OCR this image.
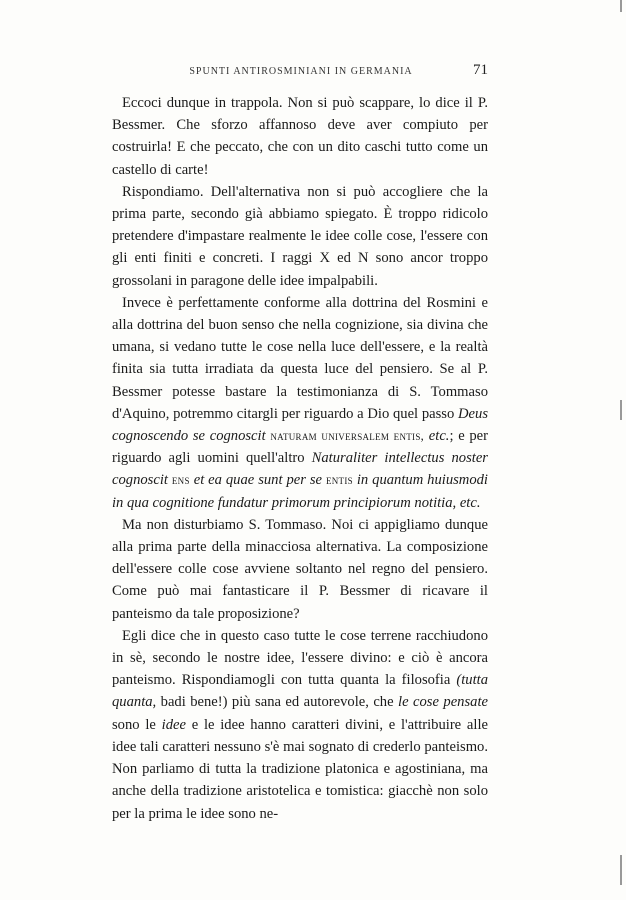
SPUNTI ANTIROSMINIANI IN GERMANIA	71

Eccoci dunque in trappola. Non si può scappare, lo dice il P. Bessmer. Che sforzo affannoso deve aver compiuto per costruirla! E che peccato, che con un dito caschi tutto come un castello di carte!

Rispondiamo. Dell'alternativa non si può accogliere che la prima parte, secondo già abbiamo spiegato. È troppo ridicolo pretendere d'impastare realmente le idee colle cose, l'essere con gli enti finiti e concreti. I raggi X ed N sono ancor troppo grossolani in paragone delle idee impalpabili.

Invece è perfettamente conforme alla dottrina del Rosmini e alla dottrina del buon senso che nella cognizione, sia divina che umana, si vedano tutte le cose nella luce dell'essere, e la realtà finita sia tutta irradiata da questa luce del pensiero. Se al P. Bessmer potesse bastare la testimonianza di S. Tommaso d'Aquino, potremmo citargli per riguardo a Dio quel passo Deus cognoscendo se cognoscit naturam universalem entis, etc.; e per riguardo agli uomini quell'altro Naturaliter intellectus noster cognoscit ens et ea quae sunt per se entis in quantum huiusmodi in qua cognitione fundatur primorum principiorum notitia, etc.

Ma non disturbiamo S. Tommaso. Noi ci appigliamo dunque alla prima parte della minacciosa alternativa. La composizione dell'essere colle cose avviene soltanto nel regno del pensiero. Come può mai fantasticare il P. Bessmer di ricavare il panteismo da tale proposizione?

Egli dice che in questo caso tutte le cose terrene racchiudono in sè, secondo le nostre idee, l'essere divino: e ciò è ancora panteismo. Rispondiamogli con tutta quanta la filosofia (tutta quanta, badi bene!) più sana ed autorevole, che le cose pensate sono le idee e le idee hanno caratteri divini, e l'attribuire alle idee tali caratteri nessuno s'è mai sognato di crederlo panteismo. Non parliamo di tutta la tradizione platonica e agostiniana, ma anche della tradizione aristotelica e tomistica: giacchè non solo per la prima le idee sono ne-
